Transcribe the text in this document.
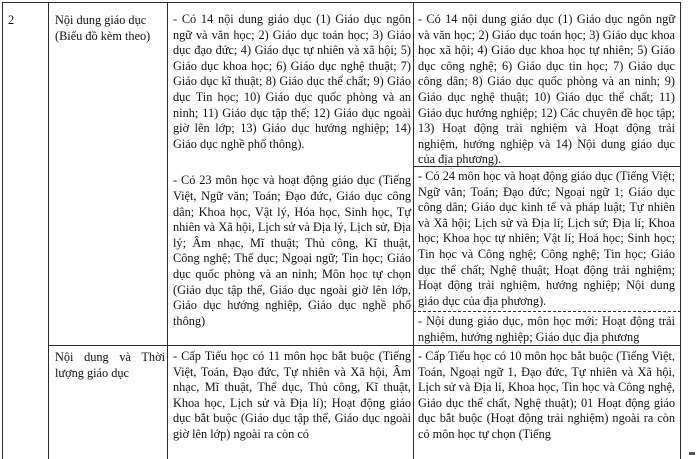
2	Nội dung giáo dục
(Biểu đồ kèm theo)

- Có 14 nội dung giáo dục (1) Giáo dục ngôn ngữ và văn học; 2) Giáo dục toán học; 3) Giáo dục đạo đức; 4) Giáo dục tự nhiên và xã hội; 5) Giáo dục khoa học; 6) Giáo dục nghệ thuật; 7) Giáo dục kĩ thuật; 8) Giáo dục thể chất; 9) Giáo dục Tin học; 10) Giáo dục quốc phòng và an ninh; 11) Giáo dục tập thể; 12) Giáo dục ngoài giờ lên lớp; 13) Giáo dục hướng nghiệp; 14) Giáo dục nghề phổ thông).

- Có 23 môn học và hoạt động giáo dục (Tiếng Việt, Ngữ văn; Toán; Đạo đức, Giáo dục công dân; Khoa học, Vật lý, Hóa học, Sinh học, Tự nhiên và Xã hội, Lịch sử và Địa lý, Lịch sử, Địa lý; Âm nhạc, Mĩ thuật; Thủ công, Kĩ thuật, Công nghệ; Thể dục; Ngoại ngữ; Tin học; Giáo dục quốc phòng và an ninh; Môn học tự chọn (Giáo dục tập thể, Giáo dục ngoài giờ lên lớp, Giáo dục hướng nghiệp, Giáo dục nghề phổ thông)

- Có 14 nội dung giáo dục (1) Giáo dục ngôn ngữ và văn học; 2) Giáo dục toán học; 3) Giáo dục khoa học xã hội; 4) Giáo dục khoa học tự nhiên; 5) Giáo dục công nghệ; 6) Giáo dục tin học; 7) Giáo dục công dân; 8) Giáo dục quốc phòng và an ninh; 9) Giáo dục nghệ thuật; 10) Giáo dục thể chất; 11) Giáo dục hướng nghiệp; 12) Các chuyên đề học tập; 13) Hoạt động trải nghiệm và Hoạt động trải nghiệm, hướng nghiệp và 14) Nội dung giáo dục của địa phương).

- Có 24 môn học và hoạt động giáo dục (Tiếng Việt; Ngữ văn; Toán; Đạo đức; Ngoại ngữ 1; Giáo dục công dân; Giáo dục kinh tế và pháp luật; Tự nhiên và Xã hội; Lịch sử và Địa lí; Lịch sử; Địa lí; Khoa học; Khoa học tự nhiên; Vật lí; Hoá học; Sinh học; Tin học và Công nghệ; Công nghệ; Tin học; Giáo dục thể chất; Nghệ thuật; Hoạt động trải nghiệm; Hoạt động trải nghiệm, hướng nghiệp; Nội dung giáo dục của địa phương).

- Nội dung giáo dục, môn học mới: Hoạt động trải nghiệm, hướng nghiệp; Giáo dục địa phương

Nội dung và Thời lượng giáo dục

- Cấp Tiểu học có 11 môn học bắt buộc (Tiếng Việt, Toán, Đạo đức, Tự nhiên và Xã hội, Âm nhạc, Mĩ thuật, Thể dục, Thủ công, Kĩ thuật, Khoa học, Lịch sử và Địa lí); Hoạt động giáo dục bắt buộc (Giáo dục tập thể, Giáo dục ngoài giờ lên lớp) ngoài ra còn có

- Cấp Tiểu học có 10 môn học bắt buộc (Tiếng Việt, Toán, Ngoại ngữ 1, Đạo đức, Tự nhiên và Xã hội, Lịch sử và Địa lí, Khoa học, Tin học và Công nghệ, Giáo dục thể chất, Nghệ thuật); 01 Hoạt động giáo dục bắt buộc (Hoạt động trải nghiệm) ngoài ra còn có môn học tự chọn (Tiếng
